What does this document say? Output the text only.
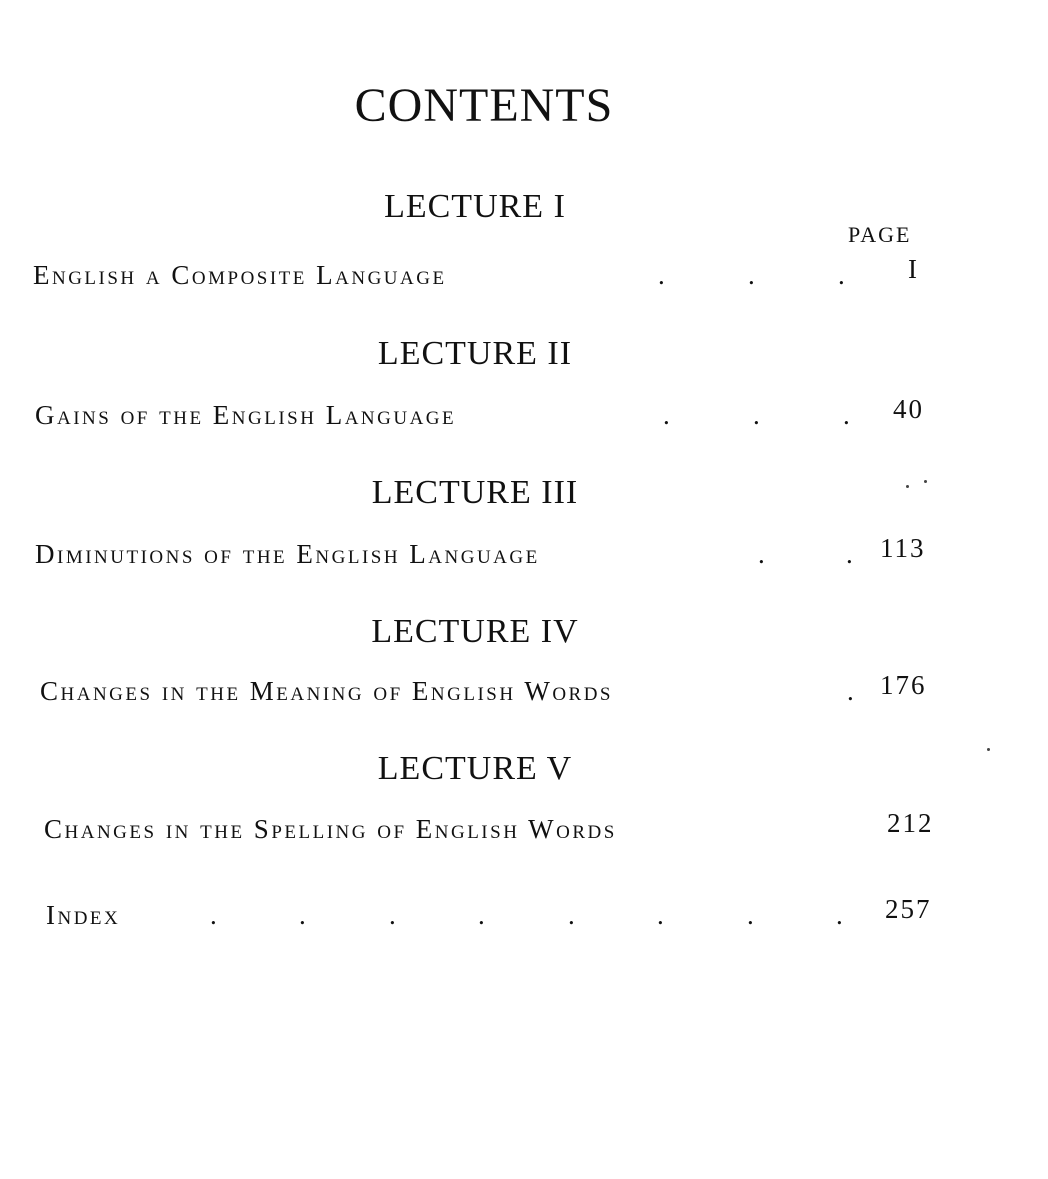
CONTENTS
LECTURE I
PAGE
English a Composite Language	.	.	. I
LECTURE II
Gains of the English Language	.	.	. 40
LECTURE III
Diminutions of the English Language	.	. 113
LECTURE IV
Changes in the Meaning of English Words	. 176
LECTURE V
Changes in the Spelling of English Words	212
Index	.	.	.	.	.	.	.	. 257
